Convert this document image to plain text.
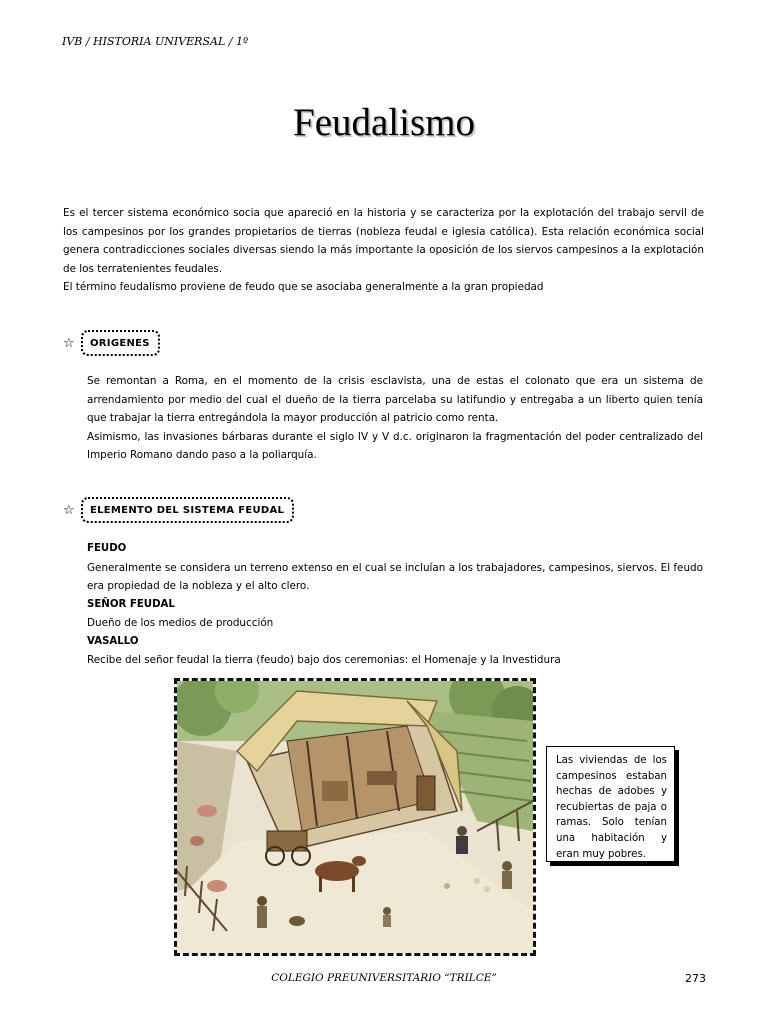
IVB / HISTORIA UNIVERSAL / 1º
Feudalismo

Es el tercer sistema económico socia que apareció en la historia y se caracteriza por la explotación del trabajo servil de los campesinos por los grandes propietarios de tierras (nobleza feudal e iglesia católica). Esta relación económica social genera contradicciones sociales diversas siendo la más importante la oposición de los siervos campesinos a la explotación de los terratenientes feudales.

El término feudalismo proviene de feudo que se asociaba generalmente a la gran propiedad

☆	ORIGENES

Se remontan a Roma, en el momento de la crisis esclavista, una de estas el colonato que era un sistema de arrendamiento por medio del cual el dueño de la tierra parcelaba su latifundio y entregaba a un liberto quien tenía que trabajar la tierra entregándola la mayor producción al patricio como renta.

Asimismo, las invasiones bárbaras durante el siglo IV y V d.c. originaron la fragmentación del poder centralizado del Imperio Romano dando paso a la poliarquía.

☆	ELEMENTO DEL SISTEMA FEUDAL

FEUDO

Generalmente se considera un terreno extenso en el cual se incluían a los trabajadores, campesinos, siervos. El feudo era propiedad de la nobleza y el alto clero.

SEÑOR FEUDAL

Dueño de los medios de producción

VASALLO

Recibe del señor feudal la tierra (feudo) bajo dos ceremonias: el Homenaje y la Investidura

Las viviendas de los campesinos estaban hechas de adobes y recubiertas de paja o ramas. Solo tenían una habitación y eran muy pobres.
COLEGIO PREUNIVERSITARIO “TRILCE”	273
